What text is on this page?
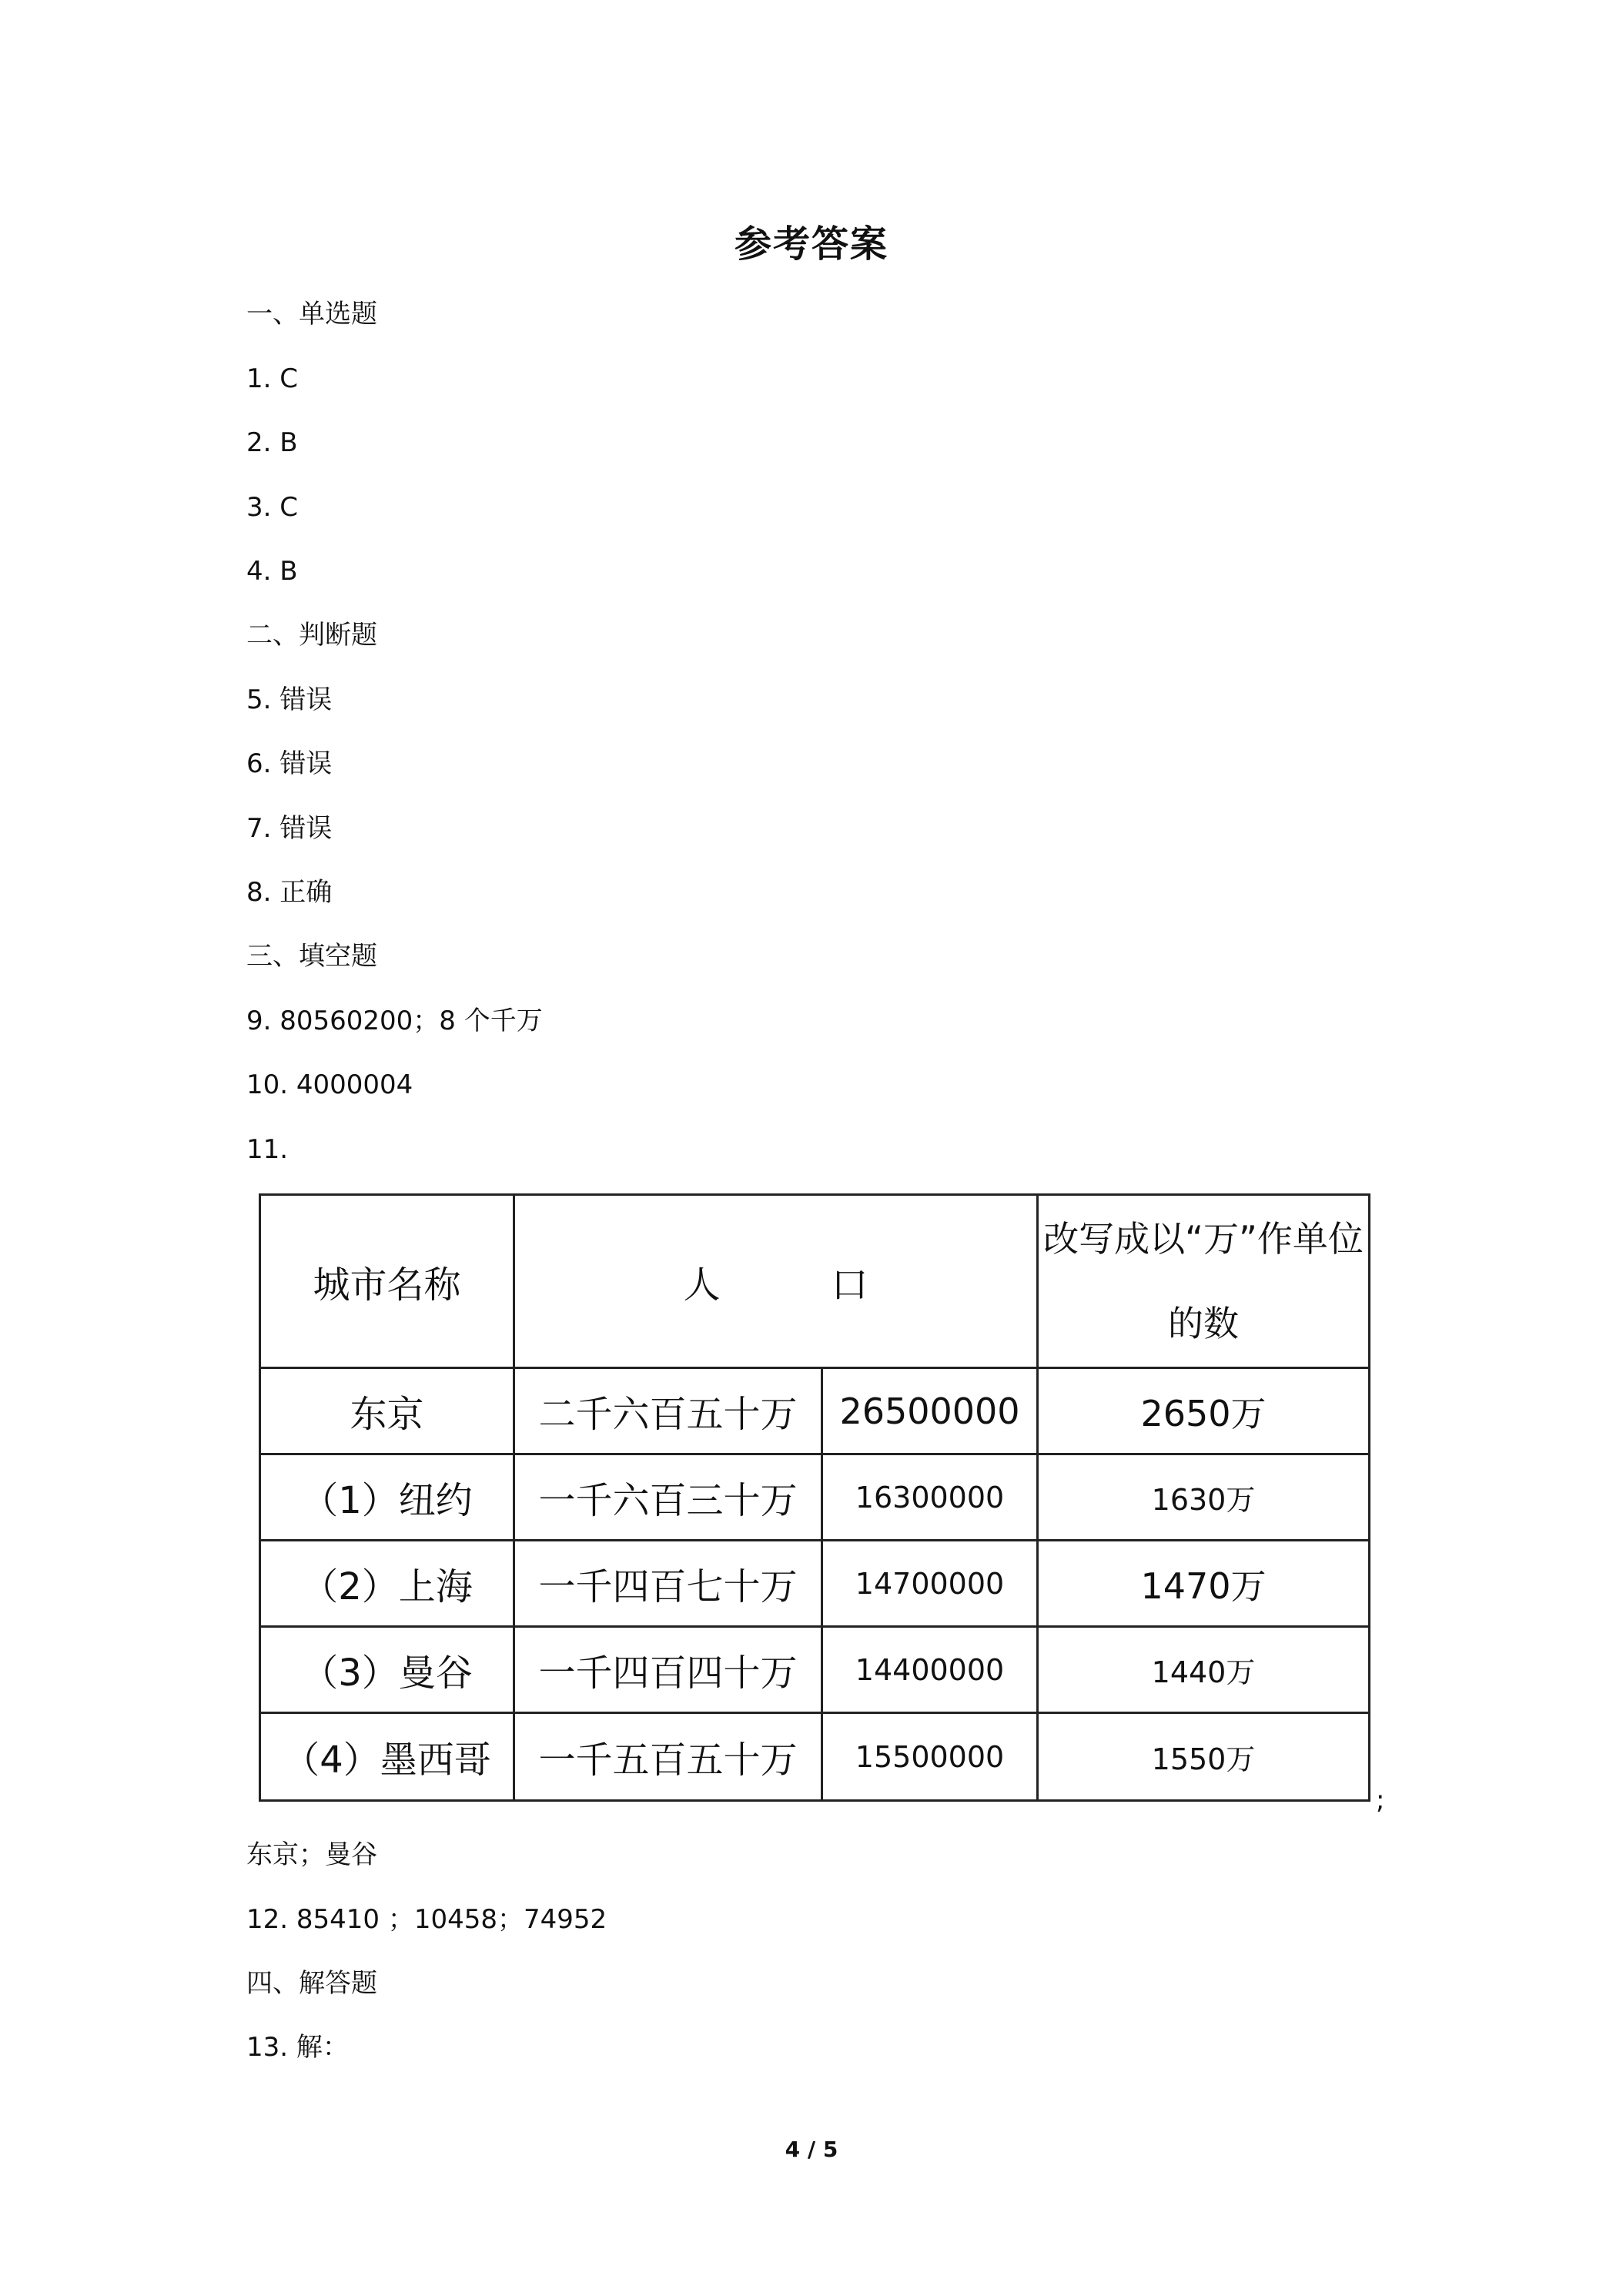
参考答案
一、单选题
1. C
2. B
3. C
4. B
二、判断题
5. 错误
6. 错误
7. 错误
8. 正确
三、填空题
9. 80560200；8 个千万
10. 4000004
11.
城市名称	人　　　口		改写成以“万”作单位的数
东京	二千六百五十万	26500000	2650万
（1）纽约	一千六百三十万	16300000	1630万
（2）上海	一千四百七十万	14700000	1470万
（3）曼谷	一千四百四十万	14400000	1440万
（4）墨西哥	一千五百五十万	15500000	1550万
;
东京；曼谷
12. 85410 ；10458；74952
四、解答题
13. 解：
4 / 5
